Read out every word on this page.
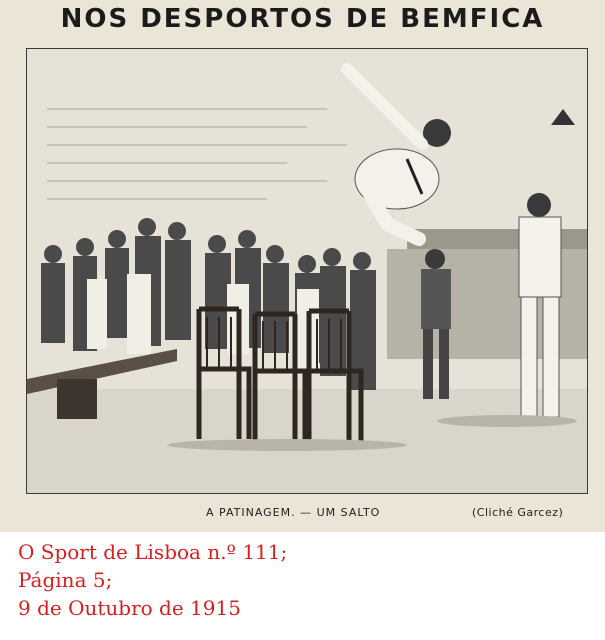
NOS DESPORTOS DE BEMFICA
A PATINAGEM. — UM SALTO	(Cliché Garcez)
O Sport de Lisboa n.º 111;
Página 5;
9 de Outubro de 1915
